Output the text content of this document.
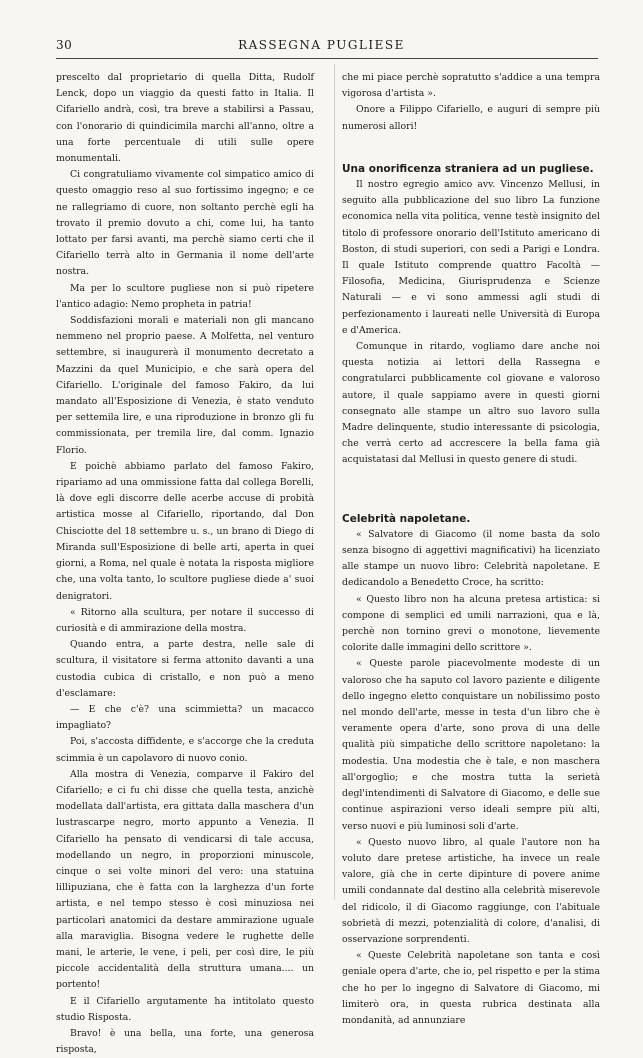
30	RASSEGNA PUGLIESE

prescelto dal proprietario di quella Ditta, Rudolf Lenck, dopo un viaggio da questi fatto in Italia. Il Cifariello andrà, così, tra breve a stabilirsi a Passau, con l'onorario di quindicimila marchi all'anno, oltre a una forte percentuale di utili sulle opere monumentali.

Ci congratuliamo vivamente col simpatico amico di questo omaggio reso al suo fortissimo ingegno; e ce ne rallegriamo di cuore, non soltanto perchè egli ha trovato il premio dovuto a chi, come lui, ha tanto lottato per farsi avanti, ma perchè siamo certi che il Cifariello terrà alto in Germania il nome dell'arte nostra.

Ma per lo scultore pugliese non si può ripetere l'antico adagio: Nemo propheta in patria!

Soddisfazioni morali e materiali non gli mancano nemmeno nel proprio paese. A Molfetta, nel venturo settembre, si inaugurerà il monumento decretato a Mazzini da quel Municipio, e che sarà opera del Cifariello. L'originale del famoso Fakiro, da lui mandato all'Esposizione di Venezia, è stato venduto per settemila lire, e una riproduzione in bronzo gli fu commissionata, per tremila lire, dal comm. Ignazio Florio.

E poichè abbiamo parlato del famoso Fakiro, ripariamo ad una ommissione fatta dal collega Borelli, là dove egli discorre delle acerbe accuse di probità artistica mosse al Cifariello, riportando, dal Don Chisciotte del 18 settembre u. s., un brano di Diego di Miranda sull'Esposizione di belle arti, aperta in quei giorni, a Roma, nel quale è notata la risposta migliore che, una volta tanto, lo scultore pugliese diede a' suoi denigratori.

« Ritorno alla scultura, per notare il successo di curiosità e di ammirazione della mostra.

Quando entra, a parte destra, nelle sale di scultura, il visitatore si ferma attonito davanti a una custodia cubica di cristallo, e non può a meno d'esclamare:

— E che c'è? una scimmietta? un macacco impagliato?

Poi, s'accosta diffidente, e s'accorge che la creduta scimmia è un capolavoro di nuovo conio.

Alla mostra di Venezia, comparve il Fakiro del Cifariello; e ci fu chi disse che quella testa, anzichè modellata dall'artista, era gittata dalla maschera d'un lustrascarpe negro, morto appunto a Venezia. Il Cifariello ha pensato di vendicarsi di tale accusa, modellando un negro, in proporzioni minuscole, cinque o sei volte minori del vero: una statuina lillipuziana, che è fatta con la larghezza d'un forte artista, e nel tempo stesso è così minuziosa nei particolari anatomici da destare ammirazione uguale alla maraviglia. Bisogna vedere le rughette delle mani, le arterie, le vene, i peli, per così dire, le più piccole accidentalità della struttura umana.... un portento!

E il Cifariello argutamente ha intitolato questo studio Risposta.

Bravo! è una bella, una forte, una generosa risposta,

che mi piace perchè sopratutto s'addice a una tempra vigorosa d'artista ».

Onore a Filippo Cifariello, e auguri di sempre più numerosi allori!

Una onorificenza straniera ad un pugliese.

Il nostro egregio amico avv. Vincenzo Mellusi, in seguito alla pubblicazione del suo libro La funzione economica nella vita politica, venne testè insignito del titolo di professore onorario dell'Istituto americano di Boston, di studi superiori, con sedi a Parigi e Londra. Il quale Istituto comprende quattro Facoltà — Filosofia, Medicina, Giurisprudenza e Scienze Naturali — e vi sono ammessi agli studi di perfezionamento i laureati nelle Università di Europa e d'America.

Comunque in ritardo, vogliamo dare anche noi questa notizia ai lettori della Rassegna e congratularci pubblicamente col giovane e valoroso autore, il quale sappiamo avere in questi giorni consegnato alle stampe un altro suo lavoro sulla Madre delinquente, studio interessante di psicologia, che verrà certo ad accrescere la bella fama già acquistatasi dal Mellusi in questo genere di studi.

Celebrità napoletane.

« Salvatore di Giacomo (il nome basta da solo senza bisogno di aggettivi magnificativi) ha licenziato alle stampe un nuovo libro: Celebrità napoletane. E dedicandolo a Benedetto Croce, ha scritto:

« Questo libro non ha alcuna pretesa artistica: si compone di semplici ed umili narrazioni, qua e là, perchè non tornino grevi o monotone, lievemente colorite dalle immagini dello scrittore ».

« Queste parole piacevolmente modeste di un valoroso che ha saputo col lavoro paziente e diligente dello ingegno eletto conquistare un nobilissimo posto nel mondo dell'arte, messe in testa d'un libro che è veramente opera d'arte, sono prova di una delle qualità più simpatiche dello scrittore napoletano: la modestia. Una modestia che è tale, e non maschera all'orgoglio; e che mostra tutta la serietà degl'intendimenti di Salvatore di Giacomo, e delle sue continue aspirazioni verso ideali sempre più alti, verso nuovi e più luminosi soli d'arte.

« Questo nuovo libro, al quale l'autore non ha voluto dare pretese artistiche, ha invece un reale valore, già che in certe dipinture di povere anime umili condannate dal destino alla celebrità miserevole del ridicolo, il di Giacomo raggiunge, con l'abituale sobrietà di mezzi, potenzialità di colore, d'analisi, di osservazione sorprendenti.

« Queste Celebrità napoletane son tanta e così geniale opera d'arte, che io, pel rispetto e per la stima che ho per lo ingegno di Salvatore di Giacomo, mi limiterò ora, in questa rubrica destinata alla mondanità, ad annunziare
